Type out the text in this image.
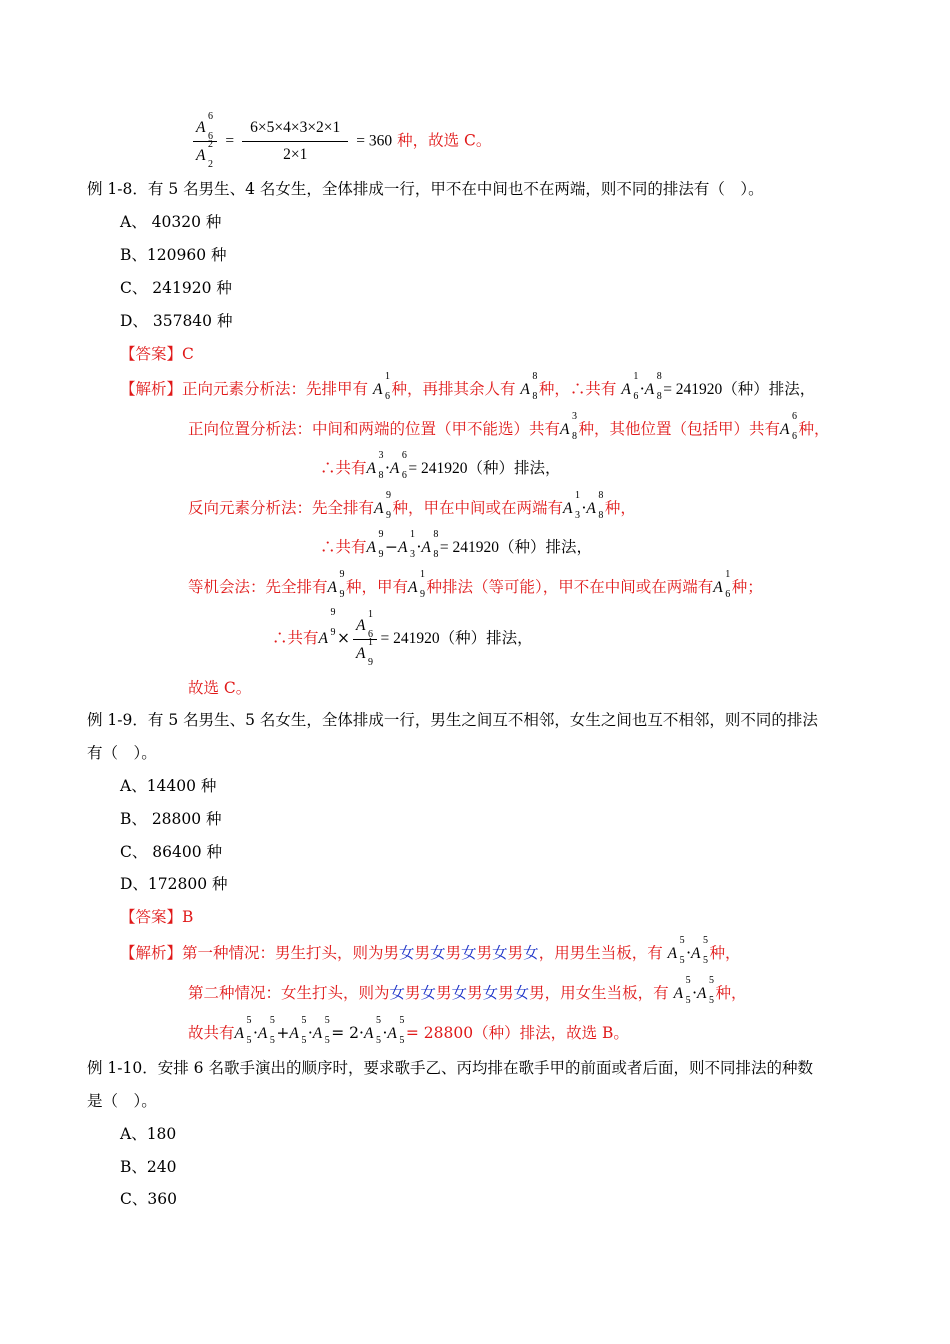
A
6
6
A
2
$2 = \frac{6\times 5\times 4\times 3\times 2\times 1}{2\times 1} = 360$ 种，故选 C。
例 1-8．有 5 名男生、4 名女生，全体排成一行，甲不在中间也不在两端，则不同的排法有（　）。
A、 40320 种
B、120960 种
C、 241920 种
D、 357840 种
【答案】C
【解析】正向元素分析法：先排甲有 A
1
6 种，再排其余人有 A
8
8 种，∴共有 A
1
6 ·A
8
8 = 241920（种）排法，
正向位置分析法：中间和两端的位置（甲不能选）共有A
3
8 种，其他位置（包括甲）共有A
6
6 种，
∴共有A
3
8 ·A
6
6 = 241920（种）排法，
反向元素分析法：先全排有A
9
9 种，甲在中间或在两端有A
1
3 ·A
8
8 种，
∴共有A
9
9 −A
1
3 ·A
8
8 = 241920（种）排法，
等机会法：先全排有A
9
9 种，甲有A
1
9 种排法（等可能），甲不在中间或在两端有A
1
6 种；
∴共有A
9
9 × A
1
6
A
1
9 = 241920（种）排法，
故选 C。
例 1-9．有 5 名男生、5 名女生，全体排成一行，男生之间互不相邻，女生之间也互不相邻，则不同的排法
有（　）。
A、14400 种
B、 28800 种
C、 86400 种
D、172800 种
【答案】B
【解析】第一种情况：男生打头，则为男女男女男女男女男女，用男生当板，有 A
5
5 ·A
5
5 种，
第二种情况：女生打头，则为女男女男女男女男女男，用女生当板，有 A
5
5 ·A
5
5 种，
故共有A
5
5 ·A
5
5 +A
5
5 ·A
5
5 = 2·A
5
5 ·A
5
5 = 28800（种）排法，故选 B。
例 1-10．安排 6 名歌手演出的顺序时，要求歌手乙、丙均排在歌手甲的前面或者后面，则不同排法的种数
是（　）。
A、180
B、240
C、360
